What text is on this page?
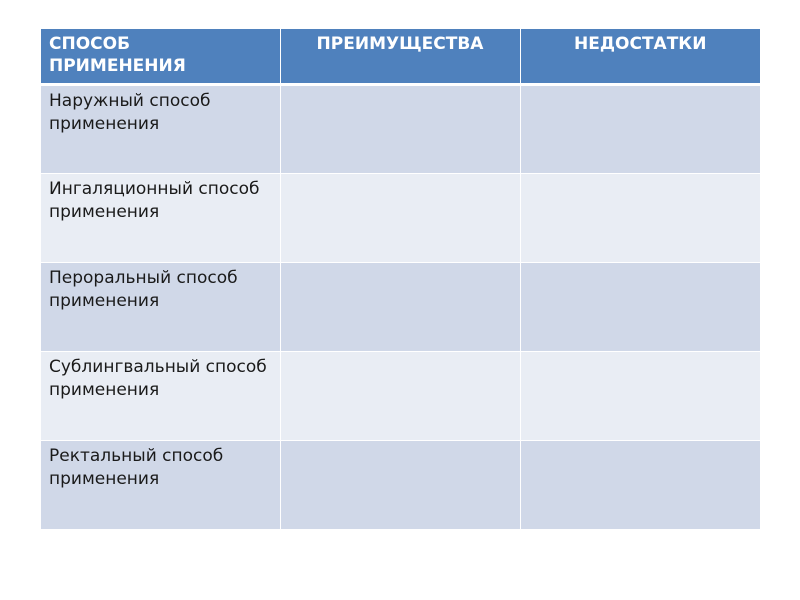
СПОСОБ ПРИМЕНЕНИЯ	ПРЕИМУЩЕСТВА	НЕДОСТАТКИ
Наружный способ применения		
Ингаляционный способ применения		
Пероральный способ применения		
Сублингвальный способ применения		
Ректальный способ применения		
